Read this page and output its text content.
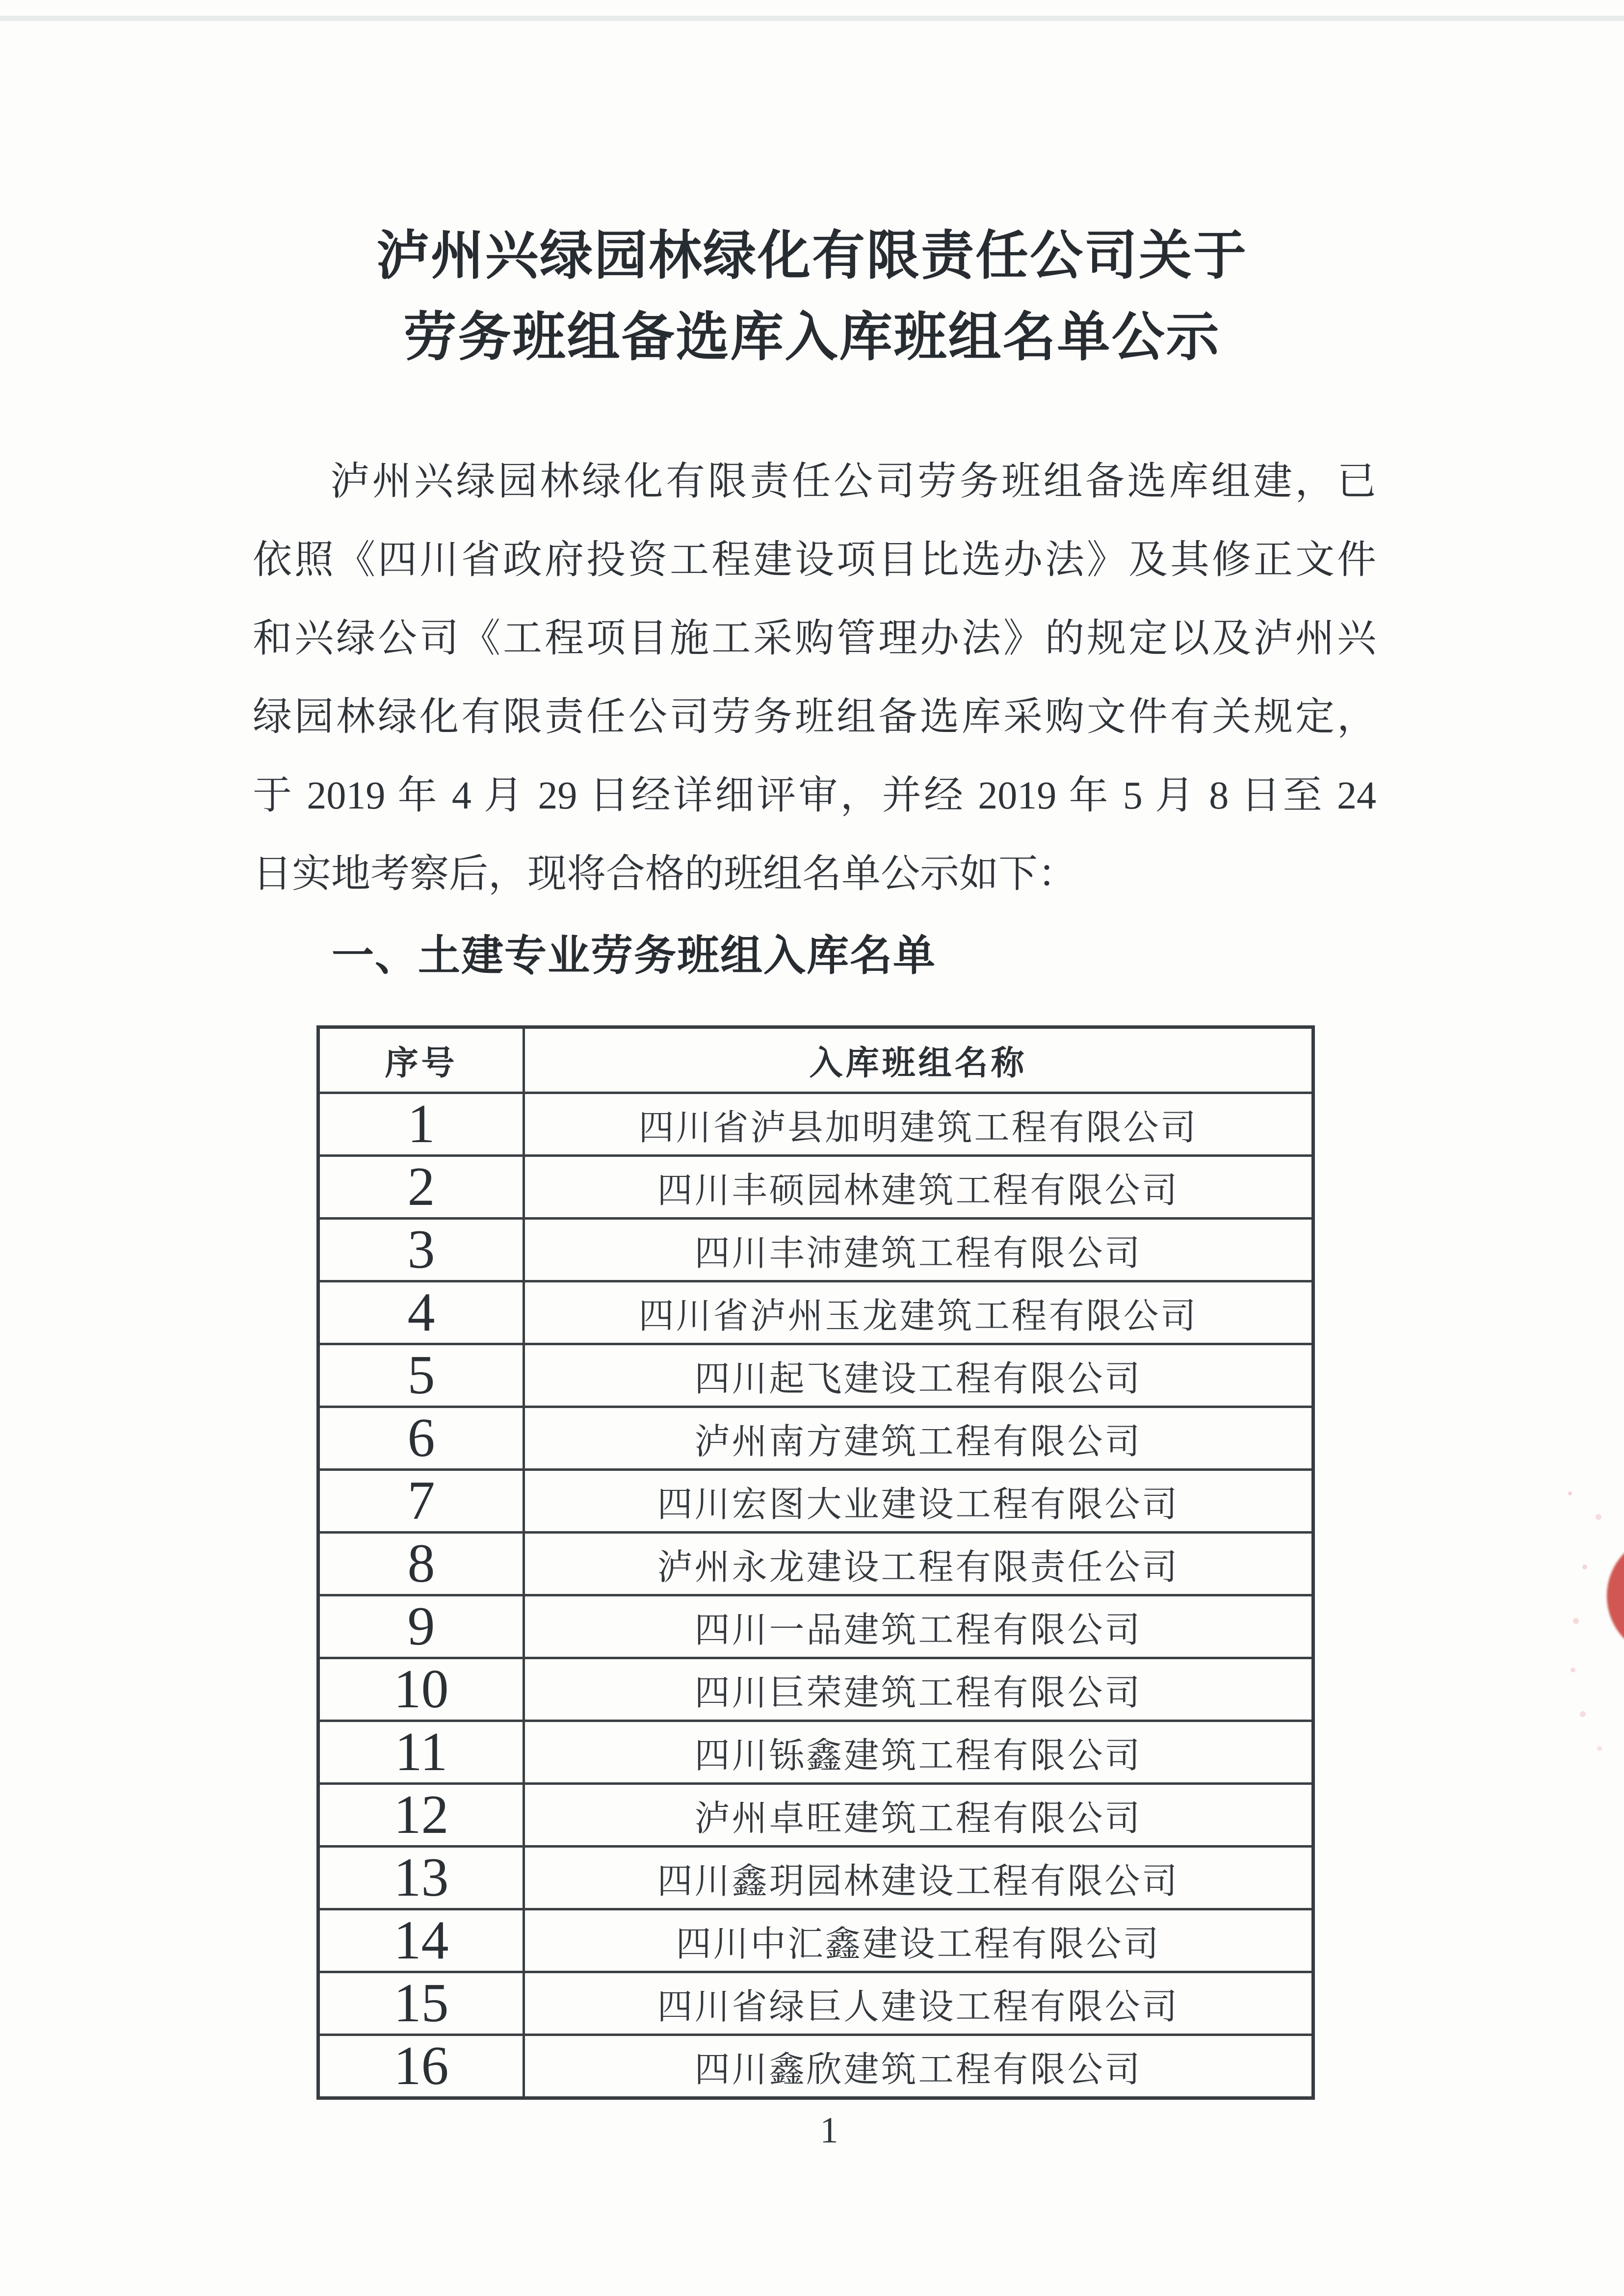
泸州兴绿园林绿化有限责任公司关于
劳务班组备选库入库班组名单公示
泸州兴绿园林绿化有限责任公司劳务班组备选库组建，已
依照《四川省政府投资工程建设项目比选办法》及其修正文件
和兴绿公司《工程项目施工采购管理办法》的规定以及泸州兴
绿园林绿化有限责任公司劳务班组备选库采购文件有关规定，
于 2019 年 4 月 29 日经详细评审，并经 2019 年 5 月 8 日至 24
日实地考察后，现将合格的班组名单公示如下：
一、土建专业劳务班组入库名单
序号	入库班组名称
1	四川省泸县加明建筑工程有限公司
2	四川丰硕园林建筑工程有限公司
3	四川丰沛建筑工程有限公司
4	四川省泸州玉龙建筑工程有限公司
5	四川起飞建设工程有限公司
6	泸州南方建筑工程有限公司
7	四川宏图大业建设工程有限公司
8	泸州永龙建设工程有限责任公司
9	四川一品建筑工程有限公司
10	四川巨荣建筑工程有限公司
11	四川铄鑫建筑工程有限公司
12	泸州卓旺建筑工程有限公司
13	四川鑫玥园林建设工程有限公司
14	四川中汇鑫建设工程有限公司
15	四川省绿巨人建设工程有限公司
16	四川鑫欣建筑工程有限公司
1
